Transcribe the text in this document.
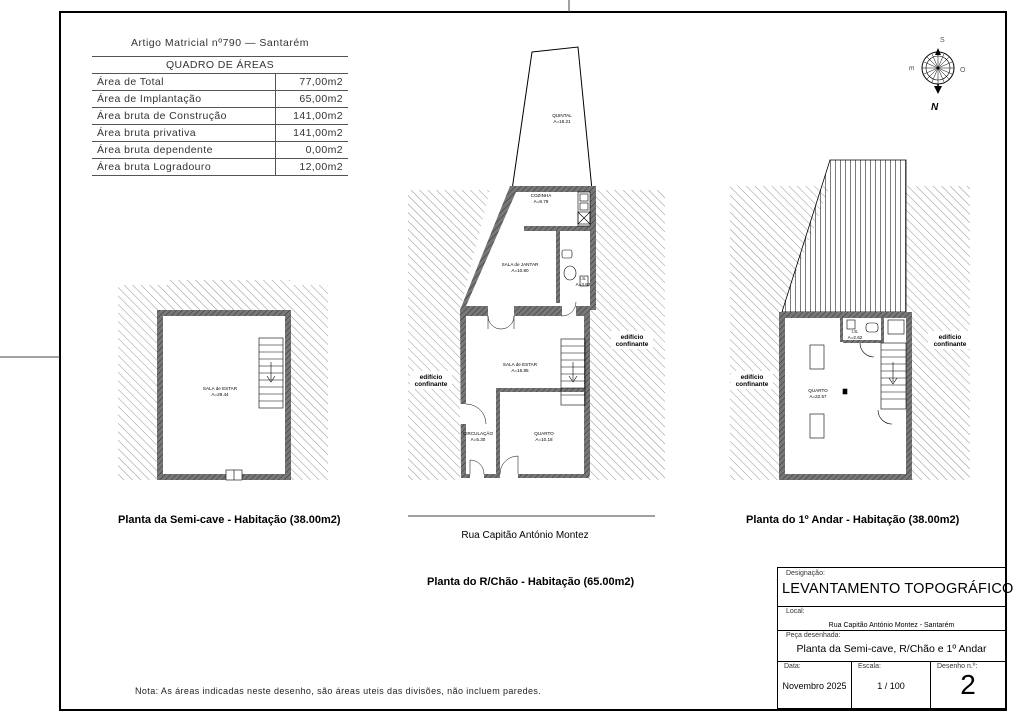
SALA de ESTAR
A=29.44
QUINTAL
A=18.21
COZINHA
A=8.79
SALA de JANTAR
A=10.80
I.S.
A=3.62
SALA de ESTAR
A=15.85
CIRCULAÇÃO
A=5.30
QUARTO
A=10.18
edifício
confinante
edifício
confinante
I.S.
A=2.62
QUARTO
A=22.57
edifício
confinante
edifício
confinante
S
E	O
N
Artigo Matricial nº790 — Santarém
QUADRO DE ÁREAS	
Área de Total	77,00m2
Área de Implantação	65,00m2
Área bruta de Construção	141,00m2
Área bruta privativa	141,00m2
Área bruta dependente	0,00m2
Área bruta Logradouro	12,00m2
Planta da Semi-cave - Habitação (38.00m2)
Planta do R/Chão - Habitação (65.00m2)
Planta do 1º Andar - Habitação (38.00m2)
Rua Capitão António Montez
Nota: As áreas indicadas neste desenho, são áreas uteis das divisões, não incluem paredes.
Designação:
LEVANTAMENTO TOPOGRÁFICO
Local:
Rua Capitão António Montez - Santarém
Peça desenhada:
Planta da Semi-cave, R/Chão e 1º Andar
Data:
Novembro 2025
Escala:
1 / 100
Desenho n.º:
2
